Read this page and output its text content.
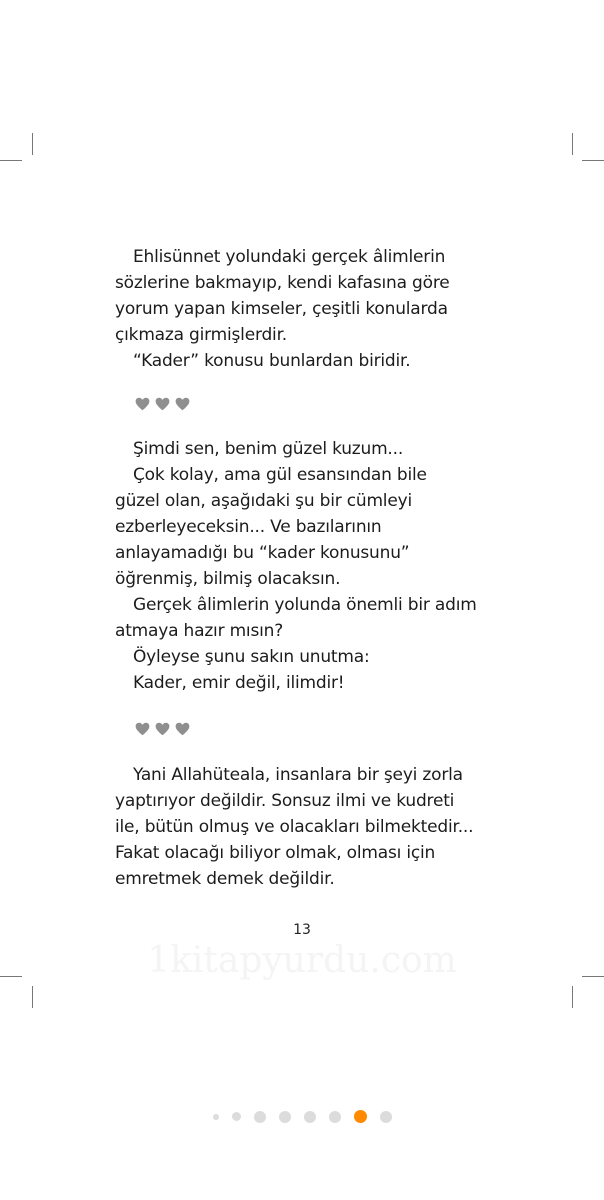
Ehlisünnet yolundaki gerçek âlimlerin
sözlerine bakmayıp, kendi kafasına göre
yorum yapan kimseler, çeşitli konularda
çıkmaza girmişlerdir.
“Kader” konusu bunlardan biridir.
Şimdi sen, benim güzel kuzum...
Çok kolay, ama gül esansından bile
güzel olan, aşağıdaki şu bir cümleyi
ezberleyeceksin... Ve bazılarının
anlayamadığı bu “kader konusunu”
öğrenmiş, bilmiş olacaksın.
Gerçek âlimlerin yolunda önemli bir adım
atmaya hazır mısın?
Öyleyse şunu sakın unutma:
Kader, emir değil, ilimdir!
Yani Allahüteala, insanlara bir şeyi zorla
yaptırıyor değildir. Sonsuz ilmi ve kudreti
ile, bütün olmuş ve olacakları bilmektedir...
Fakat olacağı biliyor olmak, olması için
emretmek demek değildir.
1kitapyurdu.com
13
